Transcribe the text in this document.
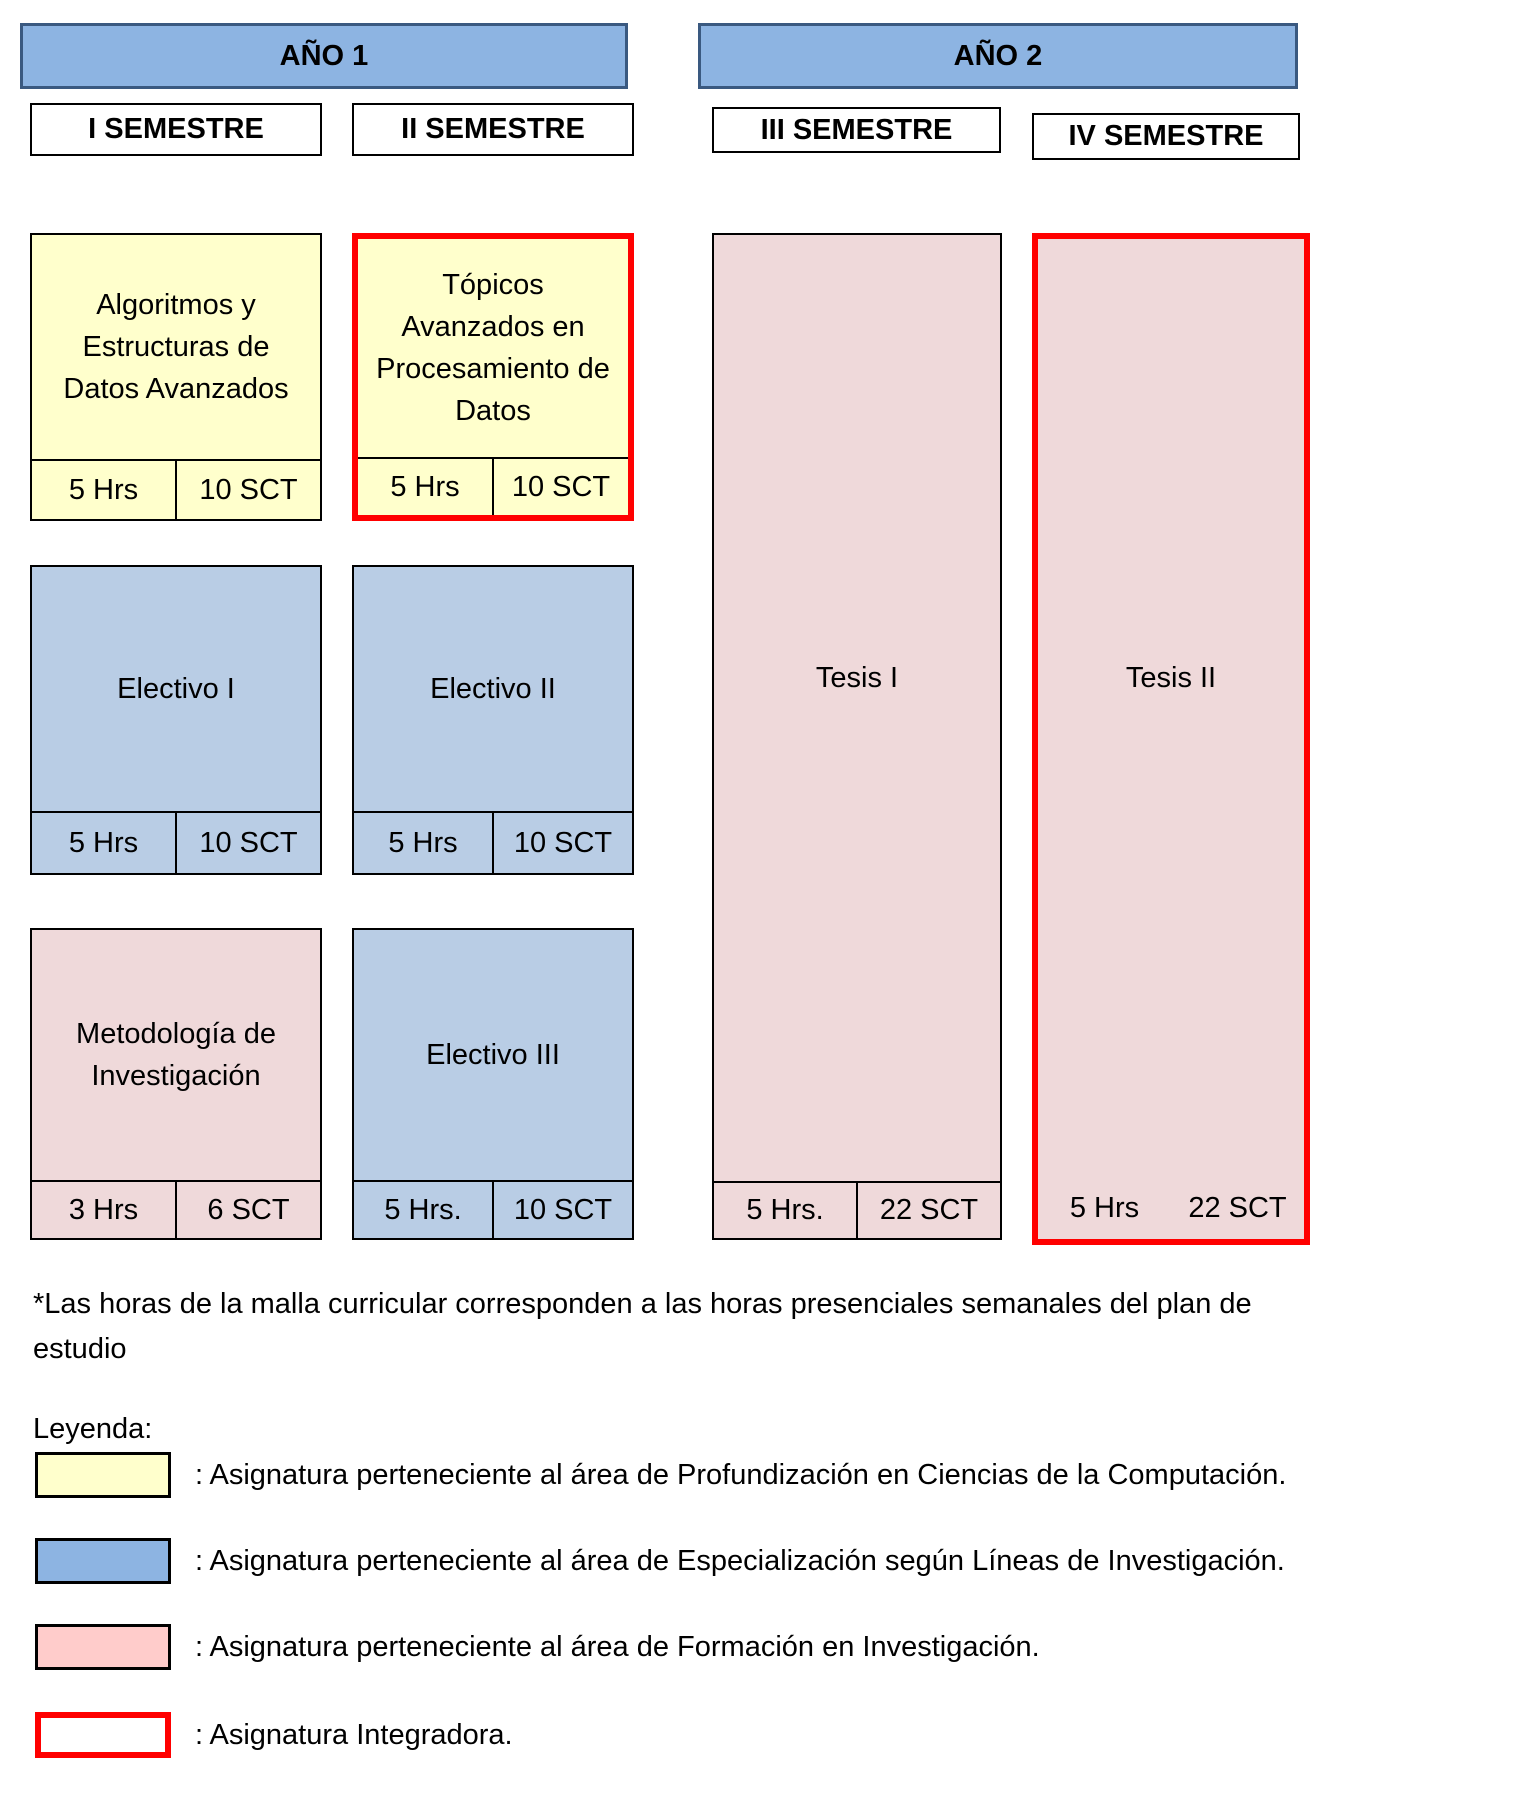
AÑO 1	AÑO 2
I SEMESTRE	II SEMESTRE	III SEMESTRE	IV SEMESTRE
Algoritmos y Estructuras de Datos Avanzados
5 Hrs	10 SCT
Electivo I
5 Hrs	10 SCT
Metodología de Investigación
3 Hrs	6 SCT
Tópicos Avanzados en Procesamiento de Datos
5 Hrs	10 SCT
Electivo II
5 Hrs	10 SCT
Electivo III
5 Hrs.	10 SCT
Tesis I
5 Hrs.	22 SCT
Tesis II
5 Hrs	22 SCT
*Las horas de la malla curricular corresponden a las horas presenciales semanales del plan de estudio
Leyenda:
: Asignatura perteneciente al área de Profundización en Ciencias de la Computación.
: Asignatura perteneciente al área de Especialización según Líneas de Investigación.
: Asignatura perteneciente al área de Formación en Investigación.
: Asignatura Integradora.
